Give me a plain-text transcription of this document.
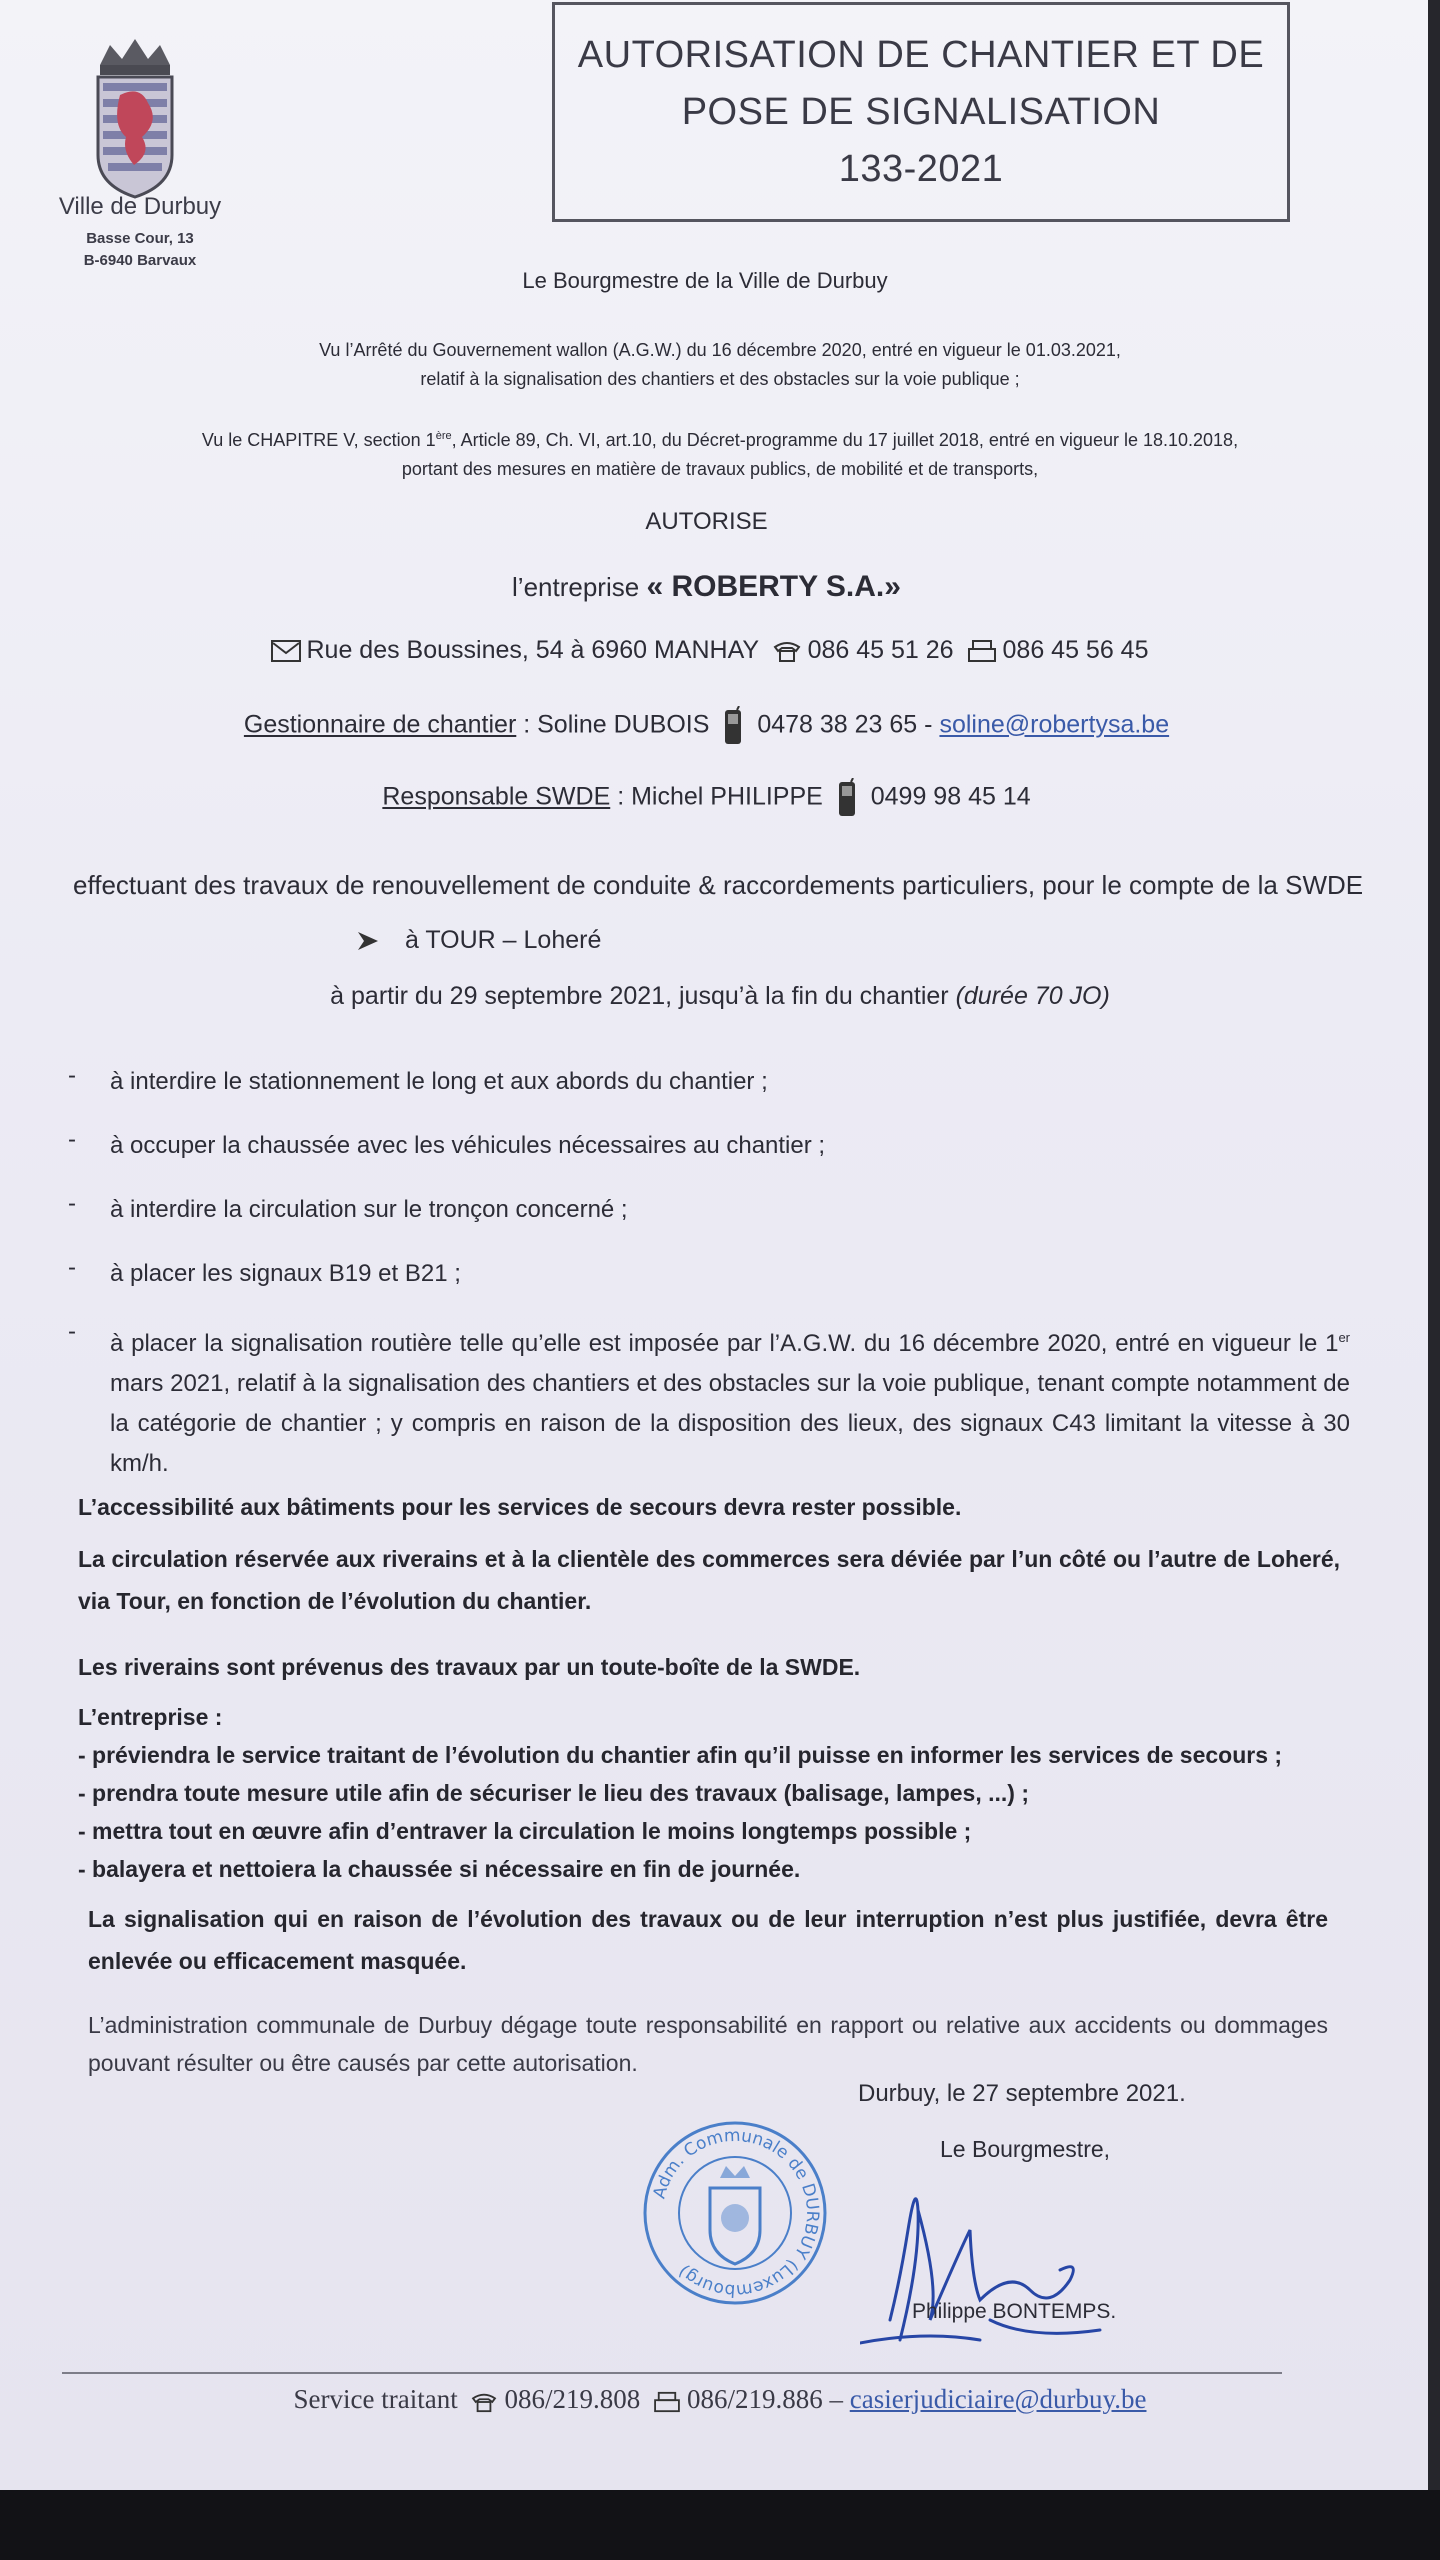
Ville de Durbuy
Basse Cour, 13
B-6940 Barvaux
AUTORISATION DE CHANTIER ET DE
POSE DE SIGNALISATION
133-2021
Le Bourgmestre de la Ville de Durbuy
Vu l’Arrêté du Gouvernement wallon (A.G.W.) du 16 décembre 2020, entré en vigueur le 01.03.2021,
relatif à la signalisation des chantiers et des obstacles sur la voie publique ;
Vu le CHAPITRE V, section 1ère, Article 89, Ch. VI, art.10, du Décret-programme du 17 juillet 2018, entré en vigueur le 18.10.2018,
portant des mesures en matière de travaux publics, de mobilité et de transports,
AUTORISE
l’entreprise « ROBERTY S.A.»
Rue des Boussines, 54 à 6960 MANHAY 086 45 51 26 086 45 56 45
Gestionnaire de chantier : Soline DUBOIS 0478 38 23 65 - soline@robertysa.be
Responsable SWDE : Michel PHILIPPE 0499 98 45 14
effectuant des travaux de renouvellement de conduite & raccordements particuliers, pour le compte de la SWDE
à TOUR – Loheré
à partir du 29 septembre 2021, jusqu’à la fin du chantier (durée 70 JO)
-	à interdire le stationnement le long et aux abords du chantier ;
-	à occuper la chaussée avec les véhicules nécessaires au chantier ;
-	à interdire la circulation sur le tronçon concerné ;
-	à placer les signaux B19 et B21 ;
-	à placer la signalisation routière telle qu’elle est imposée par l’A.G.W. du 16 décembre 2020, entré en vigueur le 1er mars 2021, relatif à la signalisation des chantiers et des obstacles sur la voie publique, tenant compte notamment de la catégorie de chantier ; y compris en raison de la disposition des lieux, des signaux C43 limitant la vitesse à 30 km/h.
L’accessibilité aux bâtiments pour les services de secours devra rester possible.
La circulation réservée aux riverains et à la clientèle des commerces sera déviée par l’un côté ou l’autre de Loheré, via Tour, en fonction de l’évolution du chantier.
Les riverains sont prévenus des travaux par un toute-boîte de la SWDE.
L’entreprise :
- préviendra le service traitant de l’évolution du chantier afin qu’il puisse en informer les services de secours ;
- prendra toute mesure utile afin de sécuriser le lieu des travaux (balisage, lampes, ...) ;
- mettra tout en œuvre afin d’entraver la circulation le moins longtemps possible ;
- balayera et nettoiera la chaussée si nécessaire en fin de journée.
La signalisation qui en raison de l’évolution des travaux ou de leur interruption n’est plus justifiée, devra être enlevée ou efficacement masquée.
L’administration communale de Durbuy dégage toute responsabilité en rapport ou relative aux accidents ou dommages pouvant résulter ou être causés par cette autorisation.
Durbuy, le 27 septembre 2021.
Le Bourgmestre,
Adm. Communale de DURBUY (Luxembourg)
Philippe BONTEMPS.
Service traitant 086/219.808 086/219.886 – casierjudiciaire@durbuy.be
